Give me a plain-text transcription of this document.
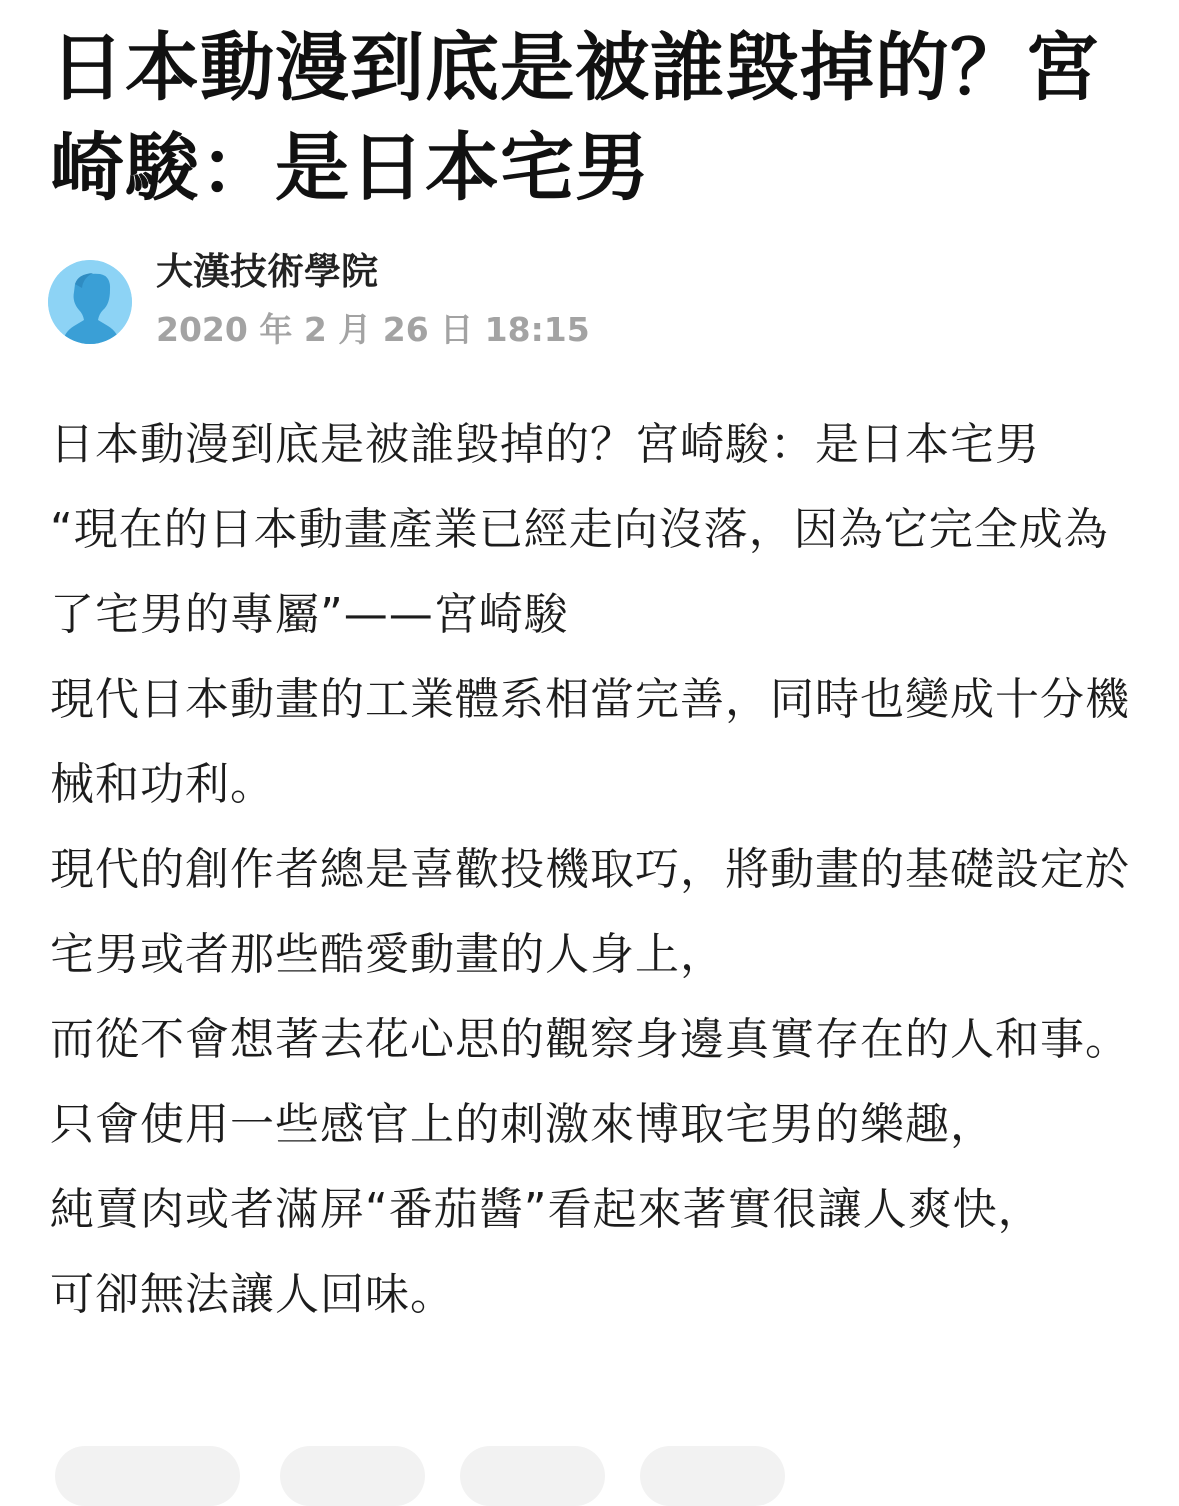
日本動漫到底是被誰毀掉的？宮崎駿：是日本宅男
大漢技術學院
2020 年 2 月 26 日 18:15

日本動漫到底是被誰毀掉的？宮崎駿：是日本宅男

“現在的日本動畫產業已經走向沒落，因為它完全成為了宅男的專屬”——宮崎駿

現代日本動畫的工業體系相當完善，同時也變成十分機械和功利。

現代的創作者總是喜歡投機取巧，將動畫的基礎設定於宅男或者那些酷愛動畫的人身上，

而從不會想著去花心思的觀察身邊真實存在的人和事。

只會使用一些感官上的刺激來博取宅男的樂趣，

純賣肉或者滿屏“番茄醬”看起來著實很讓人爽快，

可卻無法讓人回味。
